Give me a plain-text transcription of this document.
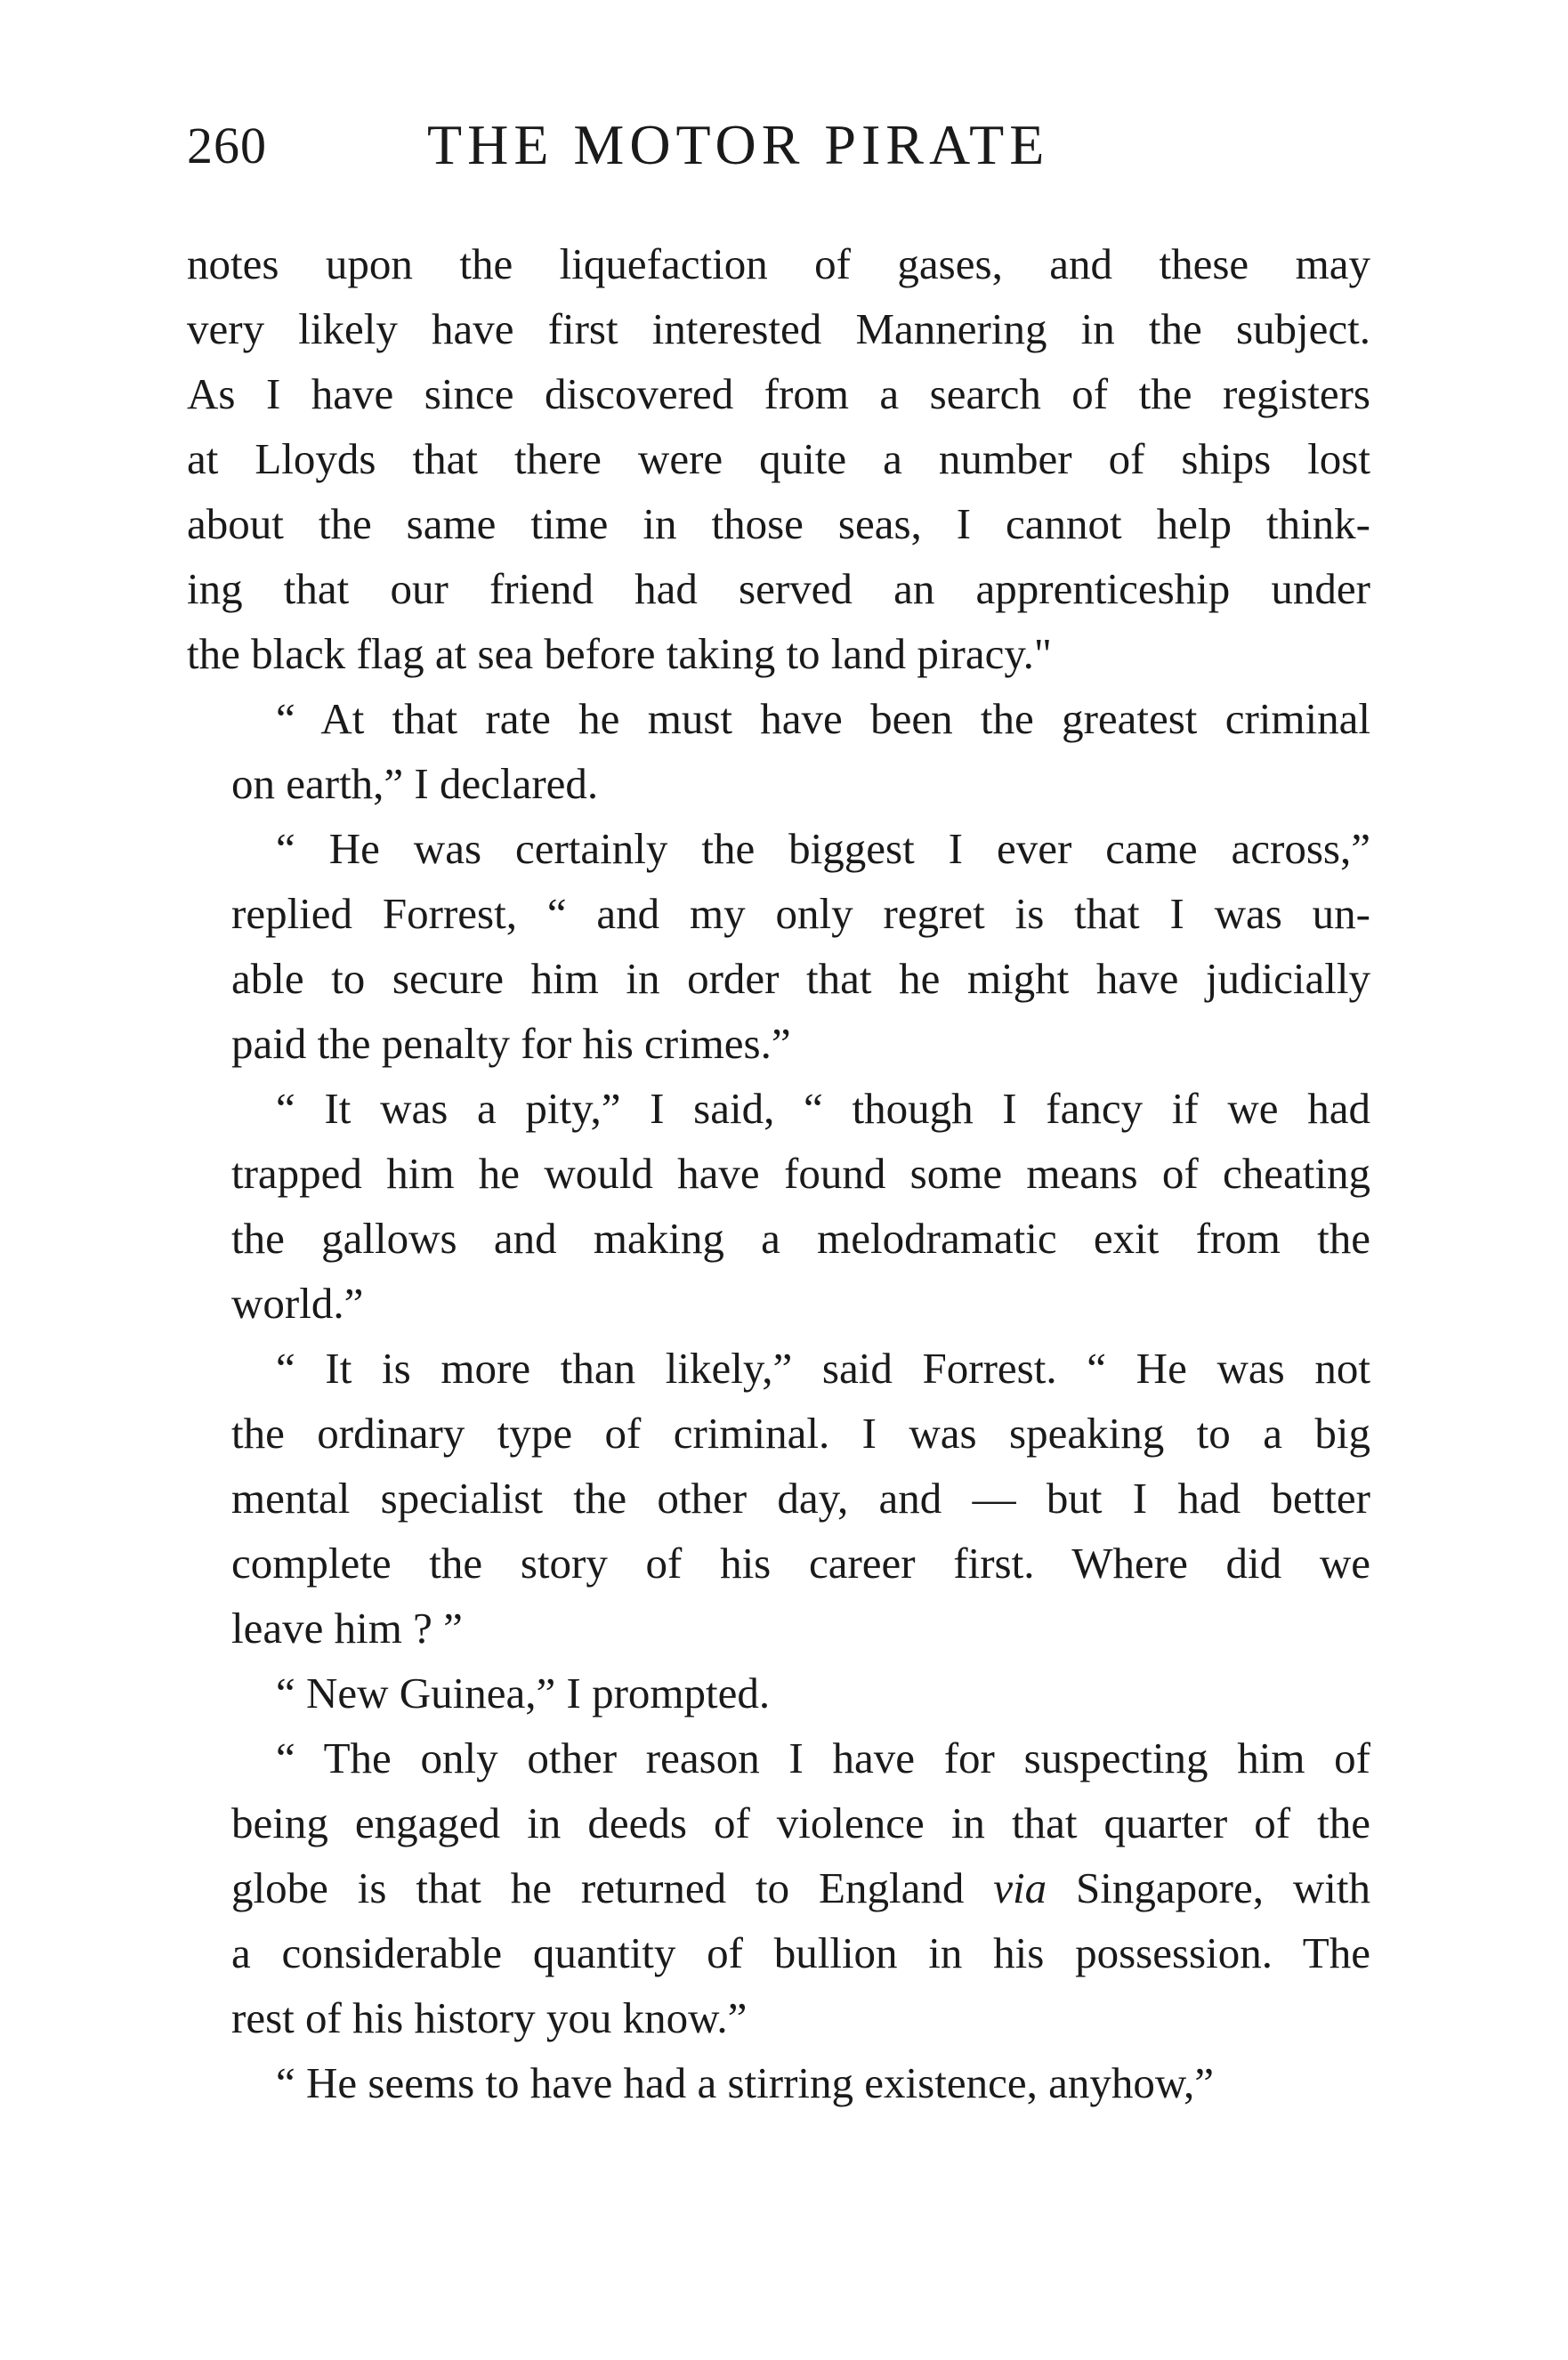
260	THE MOTOR PIRATE

notes upon the liquefaction of gases, and these may
very likely have first interested Mannering in the subject.
As I have since discovered from a search of the registers
at Lloyds that there were quite a number of ships lost
about the same time in those seas, I cannot help think-
ing that our friend had served an apprenticeship under
the black flag at sea before taking to land piracy."

“ At that rate he must have been the greatest criminal
on earth,” I declared.

“ He was certainly the biggest I ever came across,”
replied Forrest, “ and my only regret is that I was un-
able to secure him in order that he might have judicially
paid the penalty for his crimes.”

“ It was a pity,” I said, “ though I fancy if we had
trapped him he would have found some means of cheating
the gallows and making a melodramatic exit from the
world.”

“ It is more than likely,” said Forrest. “ He was not
the ordinary type of criminal. I was speaking to a big
mental specialist the other day, and — but I had better
complete the story of his career first. Where did we
leave him ? ”

“ New Guinea,” I prompted.

“ The only other reason I have for suspecting him of
being engaged in deeds of violence in that quarter of the
globe is that he returned to England via Singapore, with
a considerable quantity of bullion in his possession. The
rest of his history you know.”

“ He seems to have had a stirring existence, anyhow,”
